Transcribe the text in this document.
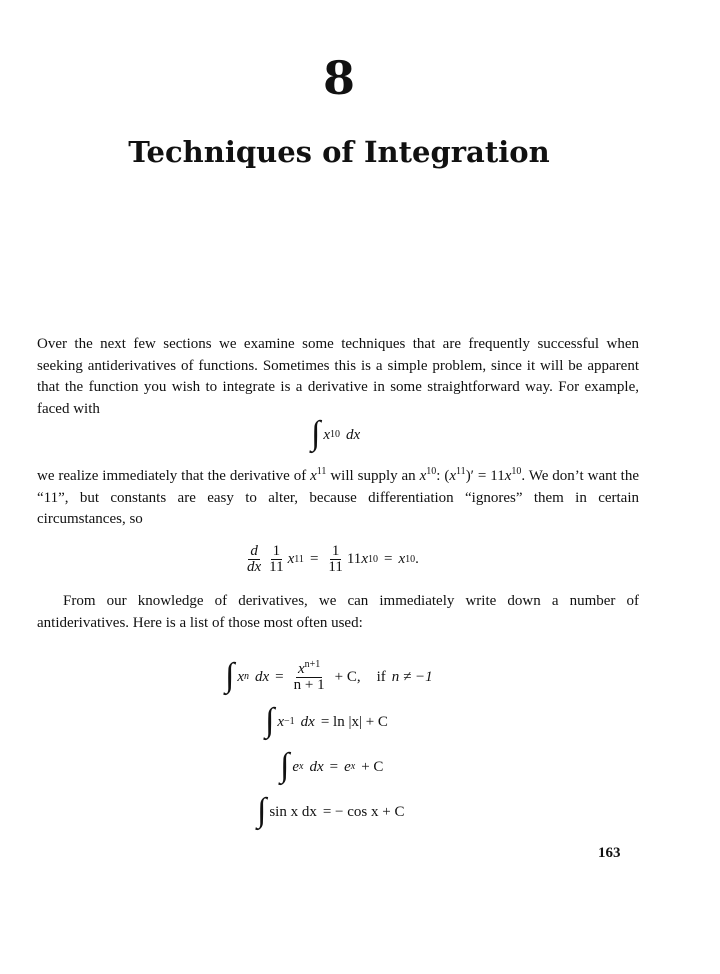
8
Techniques of Integration

Over the next few sections we examine some techniques that are frequently successful when seeking antiderivatives of functions. Sometimes this is a simple problem, since it will be apparent that the function you wish to integrate is a derivative in some straightforward way. For example, faced with

∫ x 10 dx

we realize immediately that the derivative of $x^{11}$ will supply an $x^{10}$: $(x^{11})' = 11x^{10}$. We don’t want the “11”, but constants are easy to alter, because differentiation “ignores” them in certain circumstances, so

$\frac{d}{dx} \frac{1}{11}$ x $11 = \frac{1}{11} 11$ x 10 = x 10 .

From our knowledge of derivatives, we can immediately write down a number of antiderivatives. Here is a list of those most often used:

∫ x n dx = $\frac{x^{n+1}}{n + 1} + C$, if n ≠ −1
∫ x −1 dx = ln |x| + C
∫ e x dx = e x + C
∫ sin x dx = − cos x + C
163
